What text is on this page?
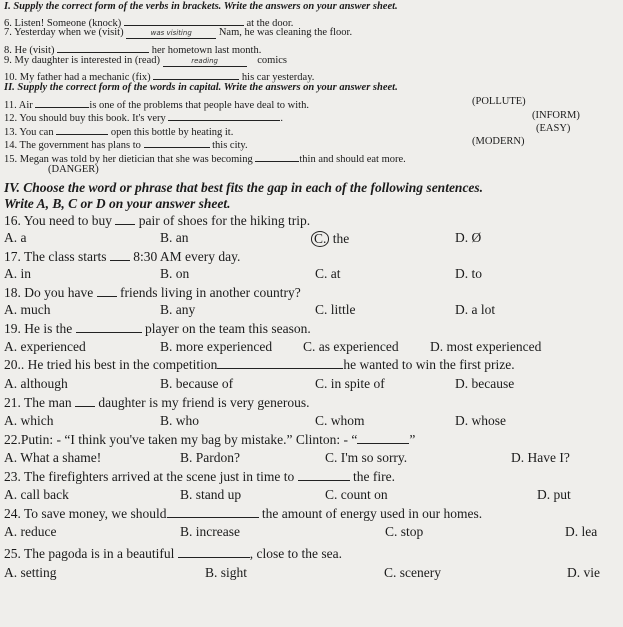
I. Supply the correct form of the verbs in brackets. Write the answers on your answer sheet.
6. Listen! Someone (knock)	at the door.
7. Yesterday when we (visit)	was visiting	Nam, he was cleaning the floor.
8. He (visit)	her hometown last month.
9. My daughter is interested in (read)	reading	comics
10. My father had a mechanic (fix)	his car yesterday.
II. Supply the correct form of the words in capital. Write the answers on your answer sheet.
11. Air	is one of the problems that people have deal to with.	(POLLUTE)
12. You should buy this book. It's very	.	(INFORM)
13. You can	open this bottle by heating it.	(EASY)
14. The government has plans to	this city.	(MODERN)
15. Megan was told by her dietician that she was becoming	thin and should eat more.
(DANGER)
IV. Choose the word or phrase that best fits the gap in each of the following sentences.
Write A, B, C or D on your answer sheet.
16. You need to buy pair of shoes for the hiking trip.
A. a	B. an	C. the	D. Ø
17. The class starts 8:30 AM every day.
A. in	B. on	C. at	D. to
18. Do you have friends living in another country?
A. much	B. any	C. little	D. a lot
19. He is the	player on the team this season.
A. experienced	B. more experienced C. as experienced D. most experienced
20.. He tried his best in the competition	he wanted to win the first prize.
A. although	B. because of	C. in spite of	D. because
21. The man daughter is my friend is very generous.
A. which	B. who	C. whom	D. whose
22.Putin: - “I think you've taken my bag by mistake.” Clinton: - “	”
A. What a shame!	B. Pardon?	C. I'm so sorry.	D. Have I?
23. The firefighters arrived at the scene just in time to	the fire.
A. call back	B. stand up	C. count on	D. put
24. To save money, we should	the amount of energy used in our homes.
A. reduce	B. increase	C. stop	D. lea
25. The pagoda is in a beautiful	, close to the sea.
A. setting	B. sight	C. scenery	D. vie
